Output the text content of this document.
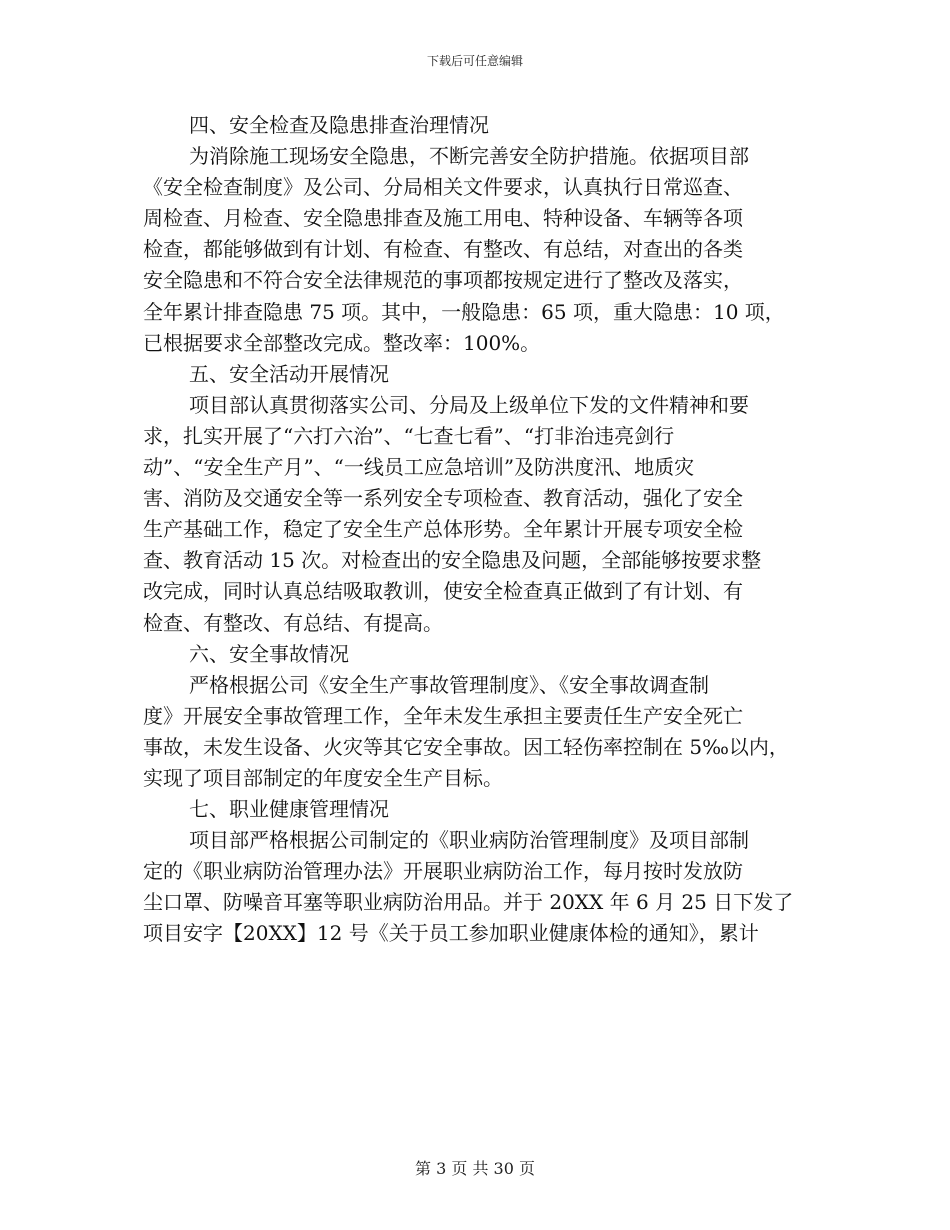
下载后可任意编辑
四、安全检查及隐患排查治理情况
为消除施工现场安全隐患，不断完善安全防护措施。依据项目部
《安全检查制度》及公司、分局相关文件要求，认真执行日常巡查、
周检查、月检查、安全隐患排查及施工用电、特种设备、车辆等各项
检查，都能够做到有计划、有检查、有整改、有总结，对查出的各类
安全隐患和不符合安全法律规范的事项都按规定进行了整改及落实，
全年累计排查隐患 75 项。其中，一般隐患：65 项，重大隐患：10 项，
已根据要求全部整改完成。整改率：100%。
五、安全活动开展情况
项目部认真贯彻落实公司、分局及上级单位下发的文件精神和要
求，扎实开展了“六打六治”、“七查七看”、“打非治违亮剑行
动”、“安全生产月”、“一线员工应急培训”及防洪度汛、地质灾
害、消防及交通安全等一系列安全专项检查、教育活动，强化了安全
生产基础工作，稳定了安全生产总体形势。全年累计开展专项安全检
查、教育活动 15 次。对检查出的安全隐患及问题，全部能够按要求整
改完成，同时认真总结吸取教训，使安全检查真正做到了有计划、有
检查、有整改、有总结、有提高。
六、安全事故情况
严格根据公司《安全生产事故管理制度》、《安全事故调查制
度》开展安全事故管理工作，全年未发生承担主要责任生产安全死亡
事故，未发生设备、火灾等其它安全事故。因工轻伤率控制在 5‰以内，
实现了项目部制定的年度安全生产目标。
七、职业健康管理情况
项目部严格根据公司制定的《职业病防治管理制度》及项目部制
定的《职业病防治管理办法》开展职业病防治工作，每月按时发放防
尘口罩、防噪音耳塞等职业病防治用品。并于 20XX 年 6 月 25 日下发了
项目安字【20XX】12 号《关于员工参加职业健康体检的通知》，累计
第 3 页 共 30 页
